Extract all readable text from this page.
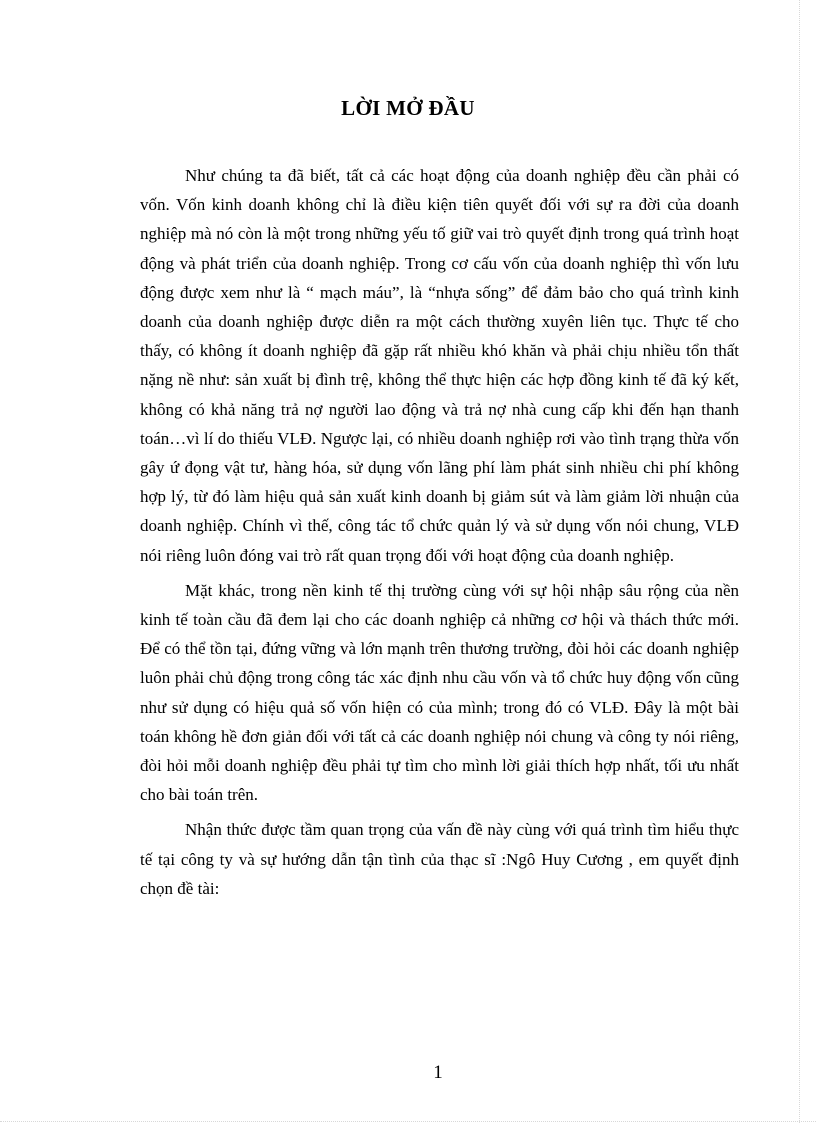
LỜI MỞ ĐẦU

Như chúng ta đã biết, tất cả các hoạt động của doanh nghiệp đều cần phải có vốn. Vốn kinh doanh không chỉ là điều kiện tiên quyết đối với sự ra đời của doanh nghiệp mà nó còn là một trong những yếu tố giữ vai trò quyết định trong quá trình hoạt động và phát triển của doanh nghiệp. Trong cơ cấu vốn của doanh nghiệp thì vốn lưu động được xem như là “ mạch máu”, là “nhựa sống” để đảm bảo cho quá trình kinh doanh của doanh nghiệp được diễn ra một cách thường xuyên liên tục. Thực tế cho thấy, có không ít doanh nghiệp đã gặp rất nhiều khó khăn và phải chịu nhiều tổn thất nặng nề như: sản xuất bị đình trệ, không thể thực hiện các hợp đồng kinh tế đã ký kết, không có khả năng trả nợ người lao động và trả nợ nhà cung cấp khi đến hạn thanh toán…vì lí do thiếu VLĐ. Ngược lại, có nhiều doanh nghiệp rơi vào tình trạng thừa vốn gây ứ đọng vật tư, hàng hóa, sử dụng vốn lãng phí làm phát sinh nhiều chi phí không hợp lý, từ đó làm hiệu quả sản xuất kinh doanh bị giảm sút và làm giảm lời nhuận của doanh nghiệp. Chính vì thế, công tác tổ chức quản lý và sử dụng vốn nói chung, VLĐ nói riêng luôn đóng vai trò rất quan trọng đối với hoạt động của doanh nghiệp.

Mặt khác, trong nền kinh tế thị trường cùng với sự hội nhập sâu rộng của nền kinh tế toàn cầu đã đem lại cho các doanh nghiệp cả những cơ hội và thách thức mới. Để có thể tồn tại, đứng vững và lớn mạnh trên thương trường, đòi hỏi các doanh nghiệp luôn phải chủ động trong công tác xác định nhu cầu vốn và tổ chức huy động vốn cũng như sử dụng có hiệu quả số vốn hiện có của mình; trong đó có VLĐ. Đây là một bài toán không hề đơn giản đối với tất cả các doanh nghiệp nói chung và công ty nói riêng, đòi hỏi mỗi doanh nghiệp đều phải tự tìm cho mình lời giải thích hợp nhất, tối ưu nhất cho bài toán trên.

Nhận thức được tầm quan trọng của vấn đề này cùng với quá trình tìm hiểu thực tế tại công ty và sự hướng dẫn tận tình của thạc sĩ :Ngô Huy Cương , em quyết định chọn đề tài:

1
